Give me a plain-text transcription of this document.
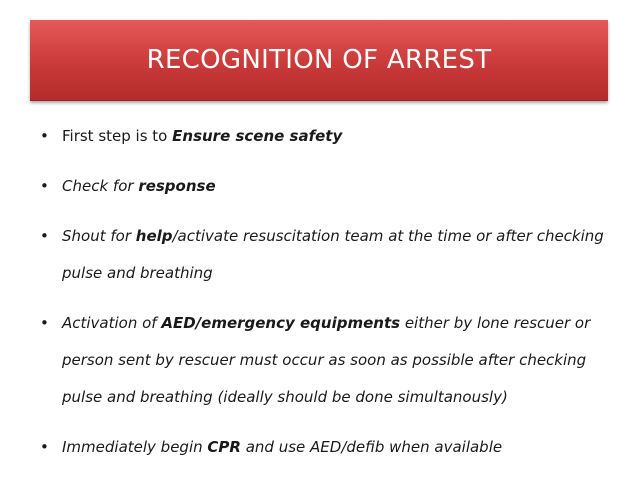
RECOGNITION OF ARREST
• First step is to Ensure scene safety
• Check for response
• Shout for help/activate resuscitation team at the time or after checking pulse and breathing
• Activation of AED/emergency equipments either by lone rescuer or person sent by rescuer must occur as soon as possible after checking pulse and breathing (ideally should be done simultanously)
• Immediately begin CPR and use AED/defib when available
